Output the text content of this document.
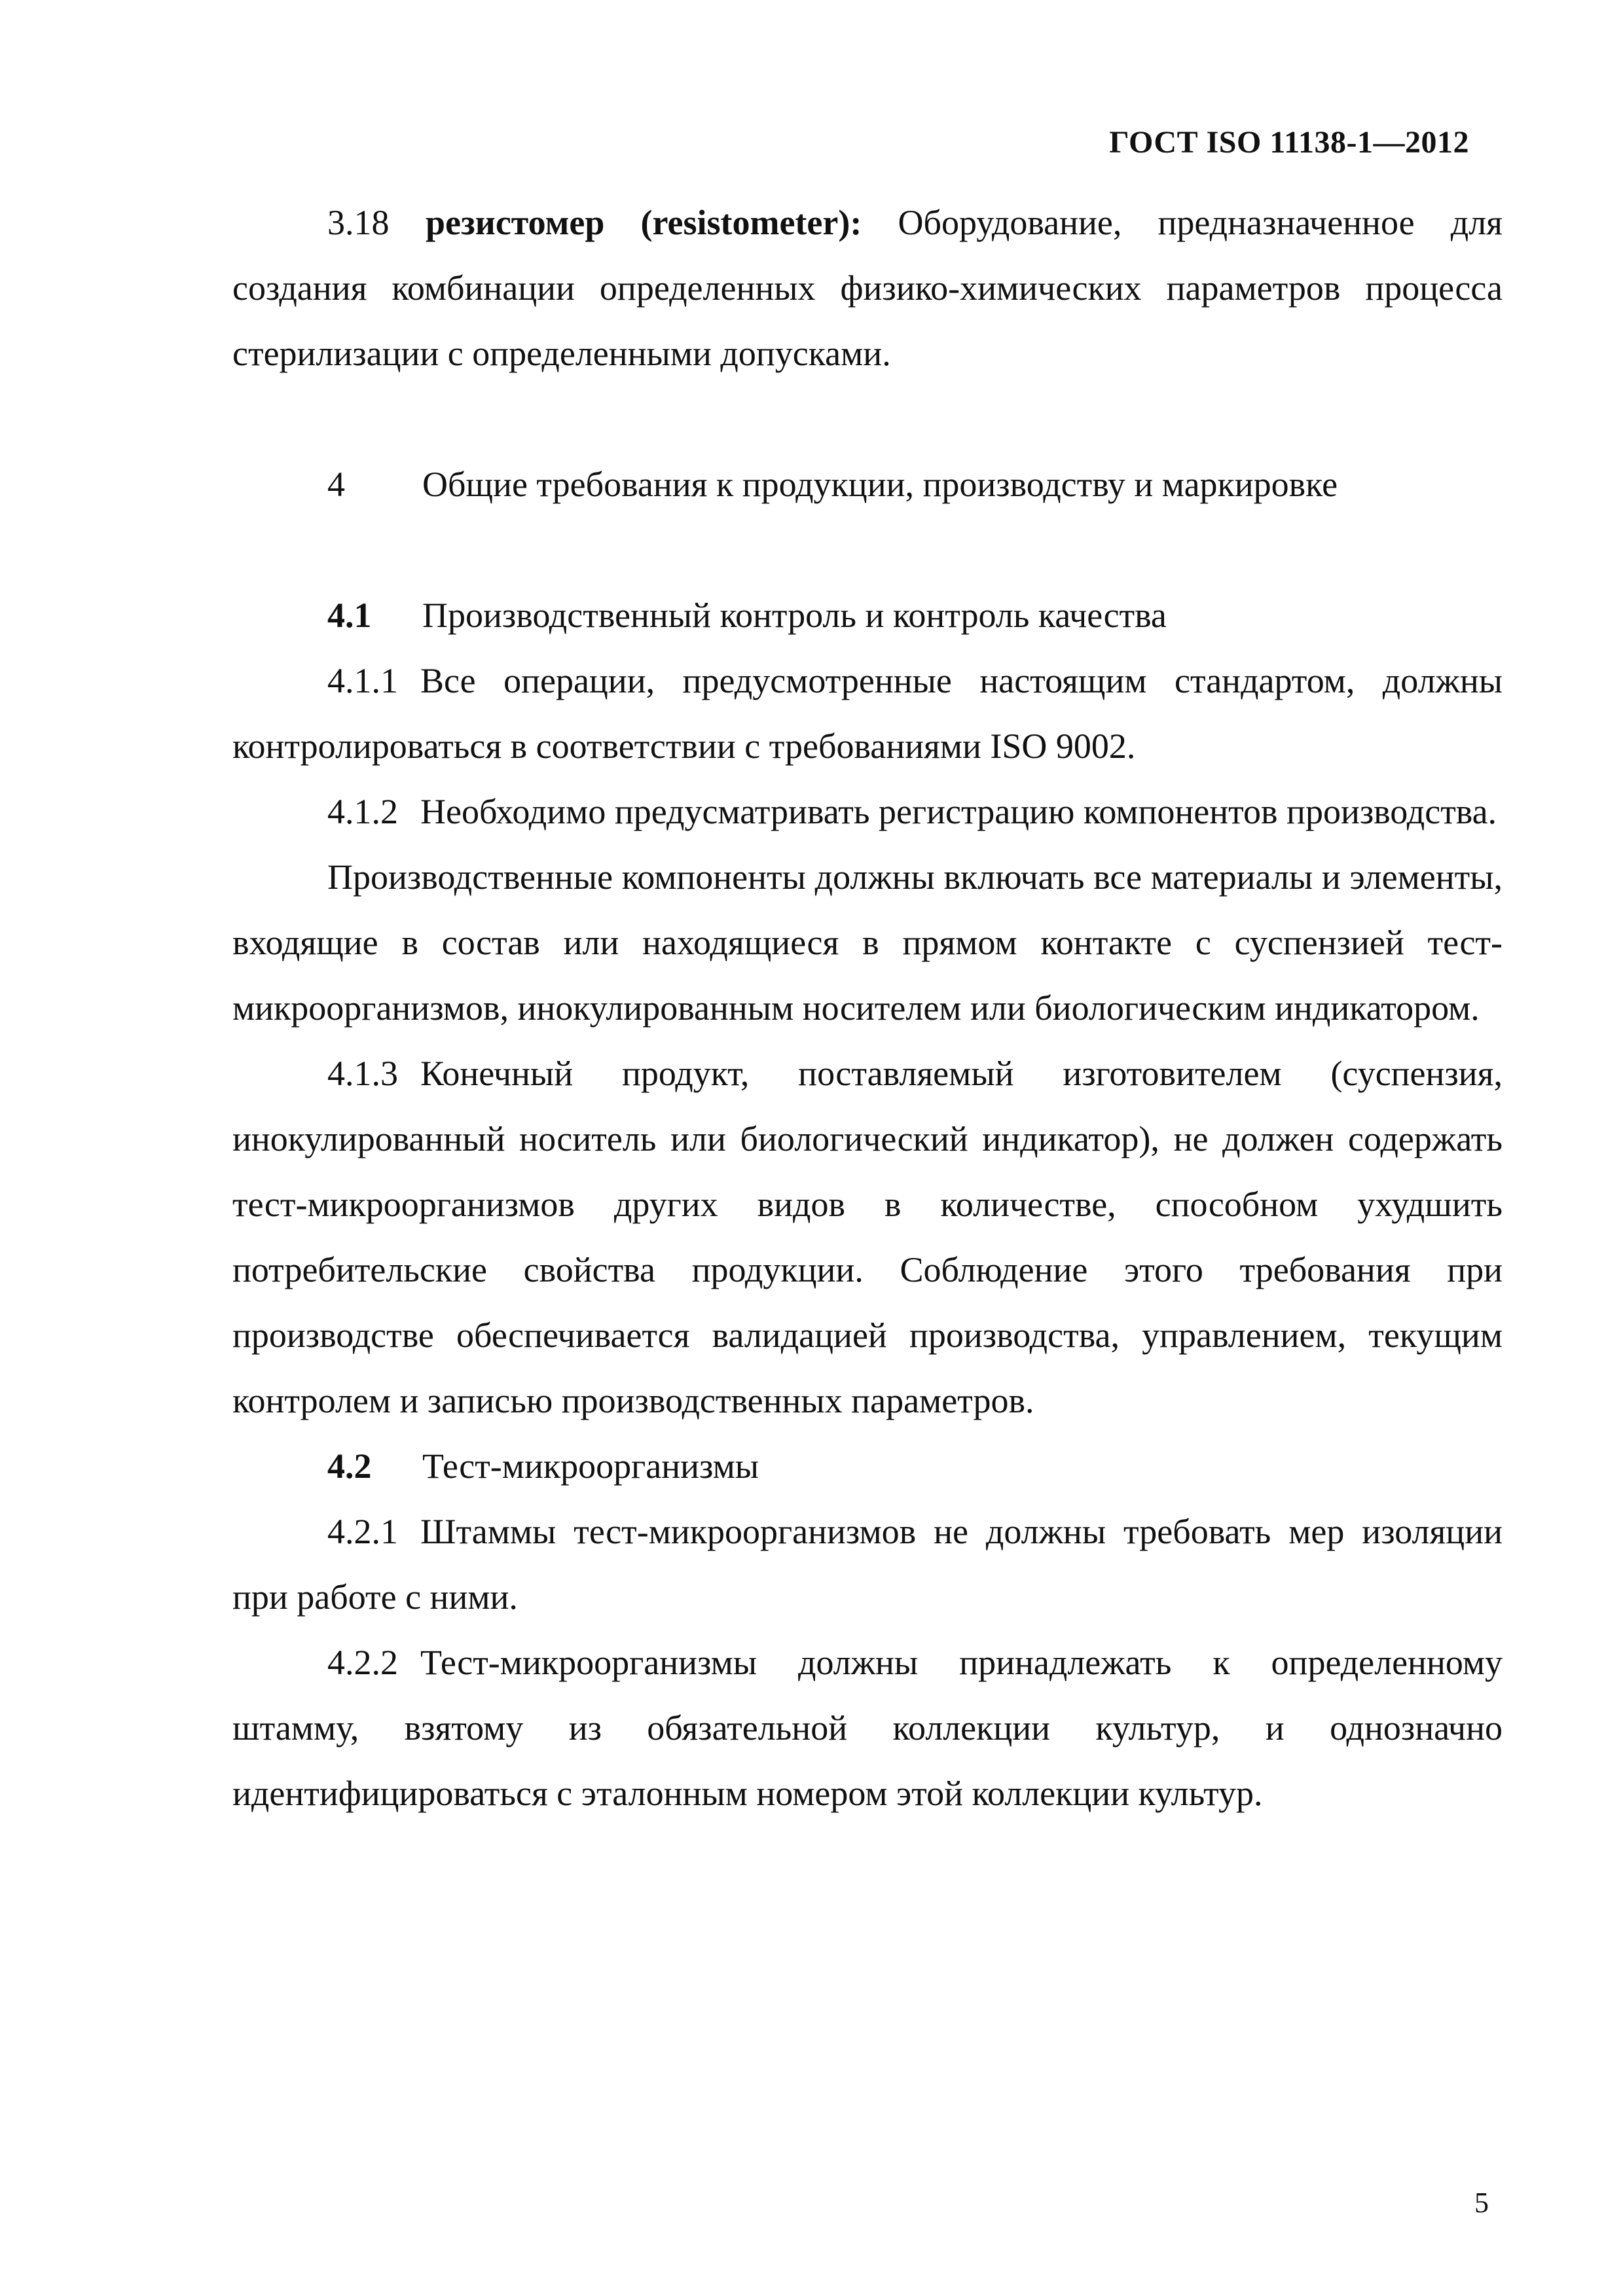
ГОСТ ISO 11138-1—2012

3.18 резистомер (resistometer): Оборудование, предназначенное для создания комбинации определенных физико-химических параметров процесса стерилизации с определенными допусками.

4 Общие требования к продукции, производству и маркировке

4.1 Производственный контроль и контроль качества

4.1.1 Все операции, предусмотренные настоящим стандартом, должны контролироваться в соответствии с требованиями ISO 9002.

4.1.2 Необходимо предусматривать регистрацию компонентов производства.

Производственные компоненты должны включать все материалы и элементы, входящие в состав или находящиеся в прямом контакте с суспензией тест-микроорганизмов, инокулированным носителем или биологическим индикатором.

4.1.3 Конечный продукт, поставляемый изготовителем (суспензия, инокулированный носитель или биологический индикатор), не должен содержать тест-микроорганизмов других видов в количестве, способном ухудшить потребительские свойства продукции. Соблюдение этого требования при производстве обеспечивается валидацией производства, управлением, текущим контролем и записью производственных параметров.

4.2 Тест-микроорганизмы

4.2.1 Штаммы тест-микроорганизмов не должны требовать мер изоляции при работе с ними.

4.2.2 Тест-микроорганизмы должны принадлежать к определенному штамму, взятому из обязательной коллекции культур, и однозначно идентифицироваться с эталонным номером этой коллекции культур.

5
